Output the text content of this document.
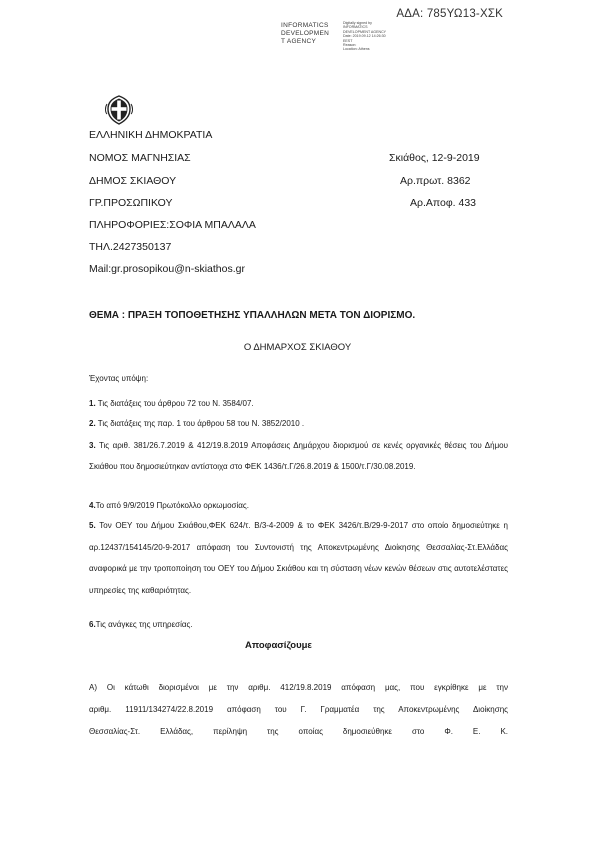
ΑΔΑ: 785ΥΩ13-ΧΣΚ
INFORMATICS
DEVELOPMEN
T AGENCY
Digitally signed by
INFORMATICS
DEVELOPMENT AGENCY
Date: 2019.09.12 14:26:30
EEST
Reason:
Location: Athens
ΕΛΛΗΝΙΚΗ ΔΗΜΟΚΡΑΤΙΑ
ΝΟΜΟΣ ΜΑΓΝΗΣΙΑΣ
ΔΗΜΟΣ ΣΚΙΑΘΟΥ
ΓΡ.ΠΡΟΣΩΠΙΚΟΥ
ΠΛΗΡΟΦΟΡΙΕΣ:ΣΟΦΙΑ ΜΠΑΛΑΛΑ
ΤΗΛ.2427350137
Mail:gr.prosopikou@n-skiathos.gr
Σκιάθος, 12-9-2019
Αρ.πρωτ. 8362
Αρ.Αποφ. 433
ΘΕΜΑ : ΠΡΑΞΗ ΤΟΠΟΘΕΤΗΣΗΣ ΥΠΑΛΛΗΛΩΝ ΜΕΤΑ ΤΟΝ ΔΙΟΡΙΣΜΟ.
Ο ΔΗΜΑΡΧΟΣ ΣΚΙΑΘΟΥ
Έχοντας υπόψη:
1. Τις διατάξεις του άρθρου 72 του Ν. 3584/07.
2. Τις διατάξεις της παρ. 1 του άρθρου 58 του Ν. 3852/2010 .
3. Τις αριθ. 381/26.7.2019 & 412/19.8.2019 Αποφάσεις Δημάρχου διορισμού σε κενές οργανικές θέσεις του Δήμου Σκιάθου που δημοσιεύτηκαν αντίστοιχα στο ΦΕΚ 1436/τ.Γ/26.8.2019 & 1500/τ.Γ/30.08.2019.
4.Το από 9/9/2019 Πρωτόκολλο ορκωμοσίας.
5. Τον ΟΕΥ του Δήμου Σκιάθου,ΦΕΚ 624/τ. Β/3-4-2009 & το ΦΕΚ 3426/τ.Β/29-9-2017 στο οποίο δημοσιεύτηκε η αρ.12437/154145/20-9-2017 απόφαση του Συντονιστή της Αποκεντρωμένης Διοίκησης Θεσσαλίας-Στ.Ελλάδας αναφορικά με την τροποποίηση του ΟΕΥ του Δήμου Σκιάθου και τη σύσταση νέων κενών θέσεων στις αυτοτελέστατες υπηρεσίες της καθαριότητας.
6.Τις ανάγκες της υπηρεσίας.
Αποφασίζουμε
Α) Οι κάτωθι διορισμένοι με την αριθμ. 412/19.8.2019 απόφαση μας, που εγκρίθηκε με την
αριθμ. 11911/134274/22.8.2019 απόφαση του Γ. Γραμματέα της Αποκεντρωμένης Διοίκησης
Θεσσαλίας-Στ. Ελλάδας, περίληψη της οποίας δημοσιεύθηκε στο Φ. Ε. Κ.
